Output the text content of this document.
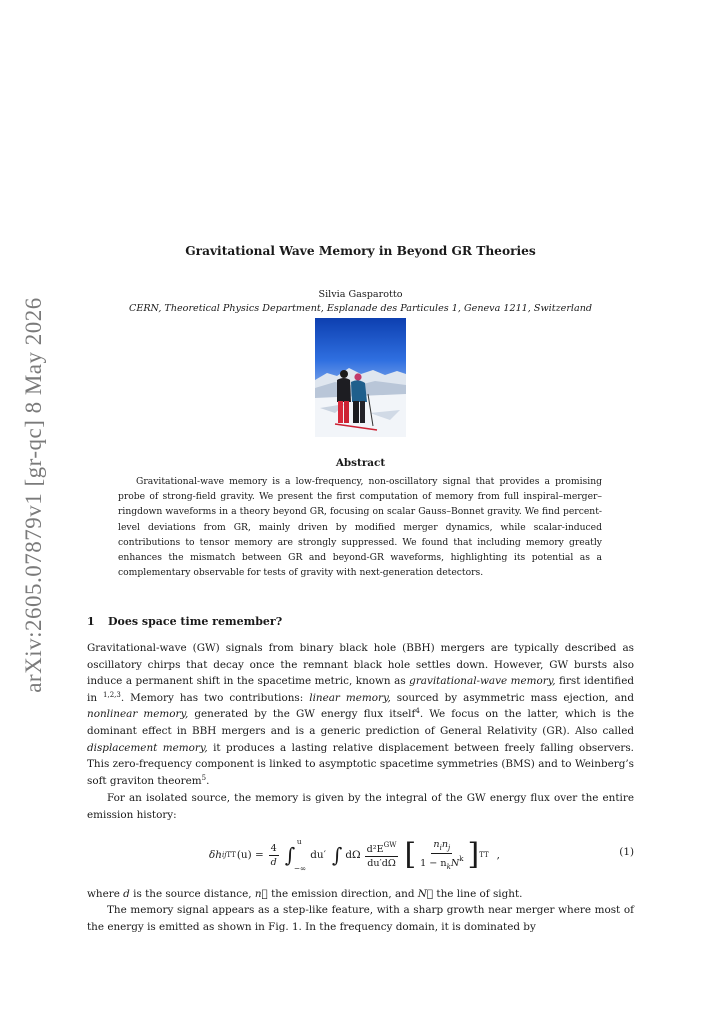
arXiv:2605.07879v1 [gr-qc] 8 May 2026
Gravitational Wave Memory in Beyond GR Theories
Silvia Gasparotto
CERN, Theoretical Physics Department, Esplanade des Particules 1, Geneva 1211, Switzerland
Abstract
Gravitational-wave memory is a low-frequency, non-oscillatory signal that provides a promising probe of strong-field gravity. We present the first computation of memory from full inspiral–merger–ringdown waveforms in a theory beyond GR, focusing on scalar Gauss–Bonnet gravity. We find percent-level deviations from GR, mainly driven by modified merger dynamics, while scalar-induced contributions to tensor memory are strongly suppressed. We found that including memory greatly enhances the mismatch between GR and beyond-GR waveforms, highlighting its potential as a complementary observable for tests of gravity with next-generation detectors.
1 Does space time remember?

Gravitational-wave (GW) signals from binary black hole (BBH) mergers are typically described as oscillatory chirps that decay once the remnant black hole settles down. However, GW bursts also induce a permanent shift in the spacetime metric, known as gravitational-wave memory, first identified in $^{1,2,3}$. Memory has two contributions: linear memory, sourced by asymmetric mass ejection, and nonlinear memory, generated by the GW energy flux itself$^4$. We focus on the latter, which is the dominant effect in BBH mergers and is a generic prediction of General Relativity (GR). Also called displacement memory, it produces a lasting relative displacement between freely falling observers. This zero-frequency component is linked to asymptotic spacetime symmetries (BMS) and to Weinberg’s soft graviton theorem$^5$.

For an isolated source, the memory is given by the integral of the GW energy flux over the entire emission history:

δh ij TT $(u) = \frac{4}{d}$ ∫
u
−∞
du′ ∫ dΩ $\frac{d^2E^{GW}}{du'd\Omega}$ [ $\frac{n_in_j}{1 - n_kN^k}$ ] TT ,	(1)

where d is the source distance, n⃗ the emission direction, and N⃗ the line of sight.

The memory signal appears as a step-like feature, with a sharp growth near merger where most of the energy is emitted as shown in Fig. 1. In the frequency domain, it is dominated by
